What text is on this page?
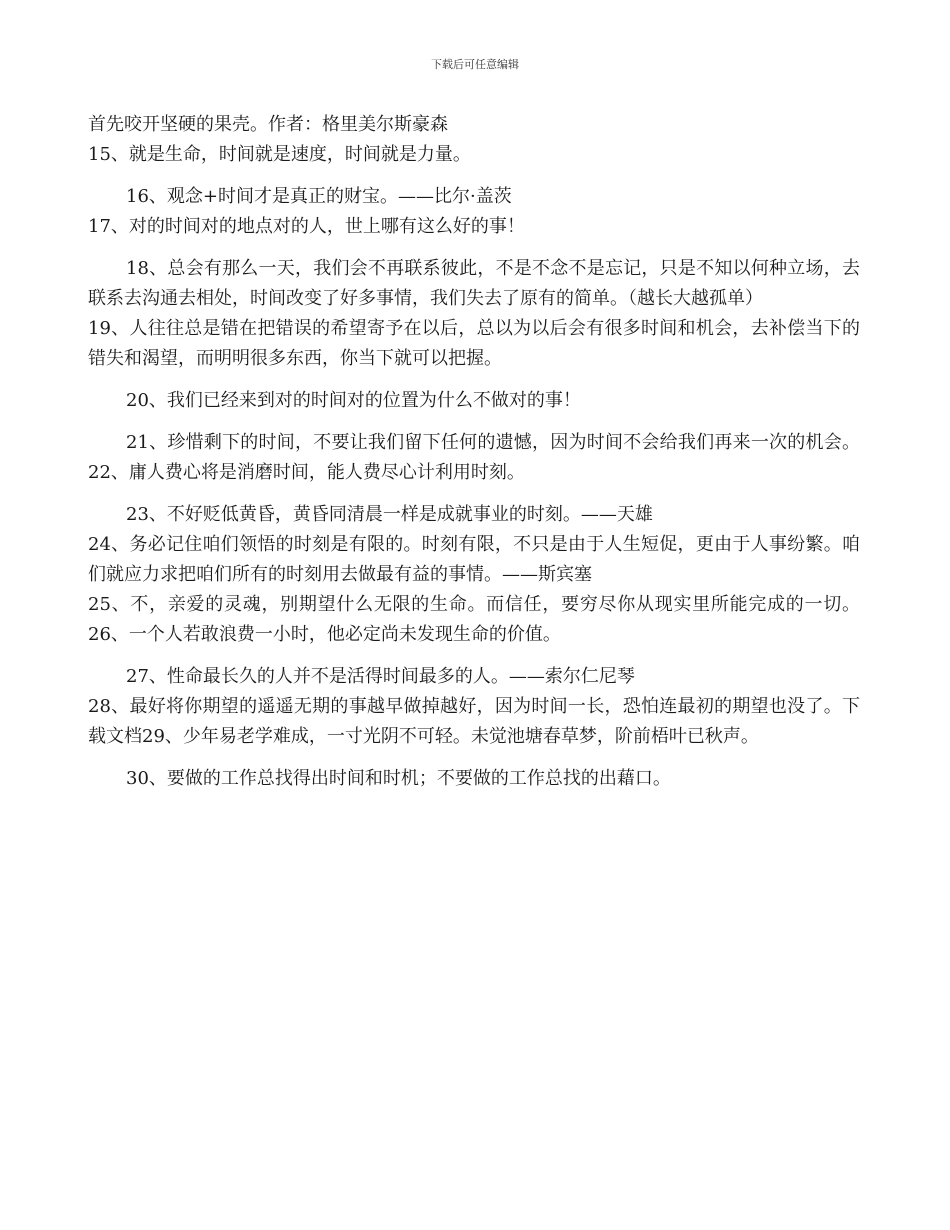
下载后可任意编辑

首先咬开坚硬的果壳。作者：格里美尔斯豪森

15、就是生命，时间就是速度，时间就是力量。

16、观念+时间才是真正的财宝。——比尔·盖茨

17、对的时间对的地点对的人，世上哪有这么好的事！

18、总会有那么一天，我们会不再联系彼此，不是不念不是忘记，只是不知以何种立场，去联系去沟通去相处，时间改变了好多事情，我们失去了原有的简单。（越长大越孤单）

19、人往往总是错在把错误的希望寄予在以后，总以为以后会有很多时间和机会，去补偿当下的错失和渴望，而明明很多东西，你当下就可以把握。

20、我们已经来到对的时间对的位置为什么不做对的事！

21、珍惜剩下的时间，不要让我们留下任何的遗憾，因为时间不会给我们再来一次的机会。22、庸人费心将是消磨时间，能人费尽心计利用时刻。

23、不好贬低黄昏，黄昏同清晨一样是成就事业的时刻。——天雄

24、务必记住咱们领悟的时刻是有限的。时刻有限，不只是由于人生短促，更由于人事纷繁。咱们就应力求把咱们所有的时刻用去做最有益的事情。——斯宾塞

25、不，亲爱的灵魂，别期望什么无限的生命。而信任，要穷尽你从现实里所能完成的一切。26、一个人若敢浪费一小时，他必定尚未发现生命的价值。

27、性命最长久的人并不是活得时间最多的人。——索尔仁尼琴

28、最好将你期望的遥遥无期的事越早做掉越好，因为时间一长，恐怕连最初的期望也没了。下载文档29、少年易老学难成，一寸光阴不可轻。未觉池塘春草梦，阶前梧叶已秋声。

30、要做的工作总找得出时间和时机；不要做的工作总找的出藉口。
